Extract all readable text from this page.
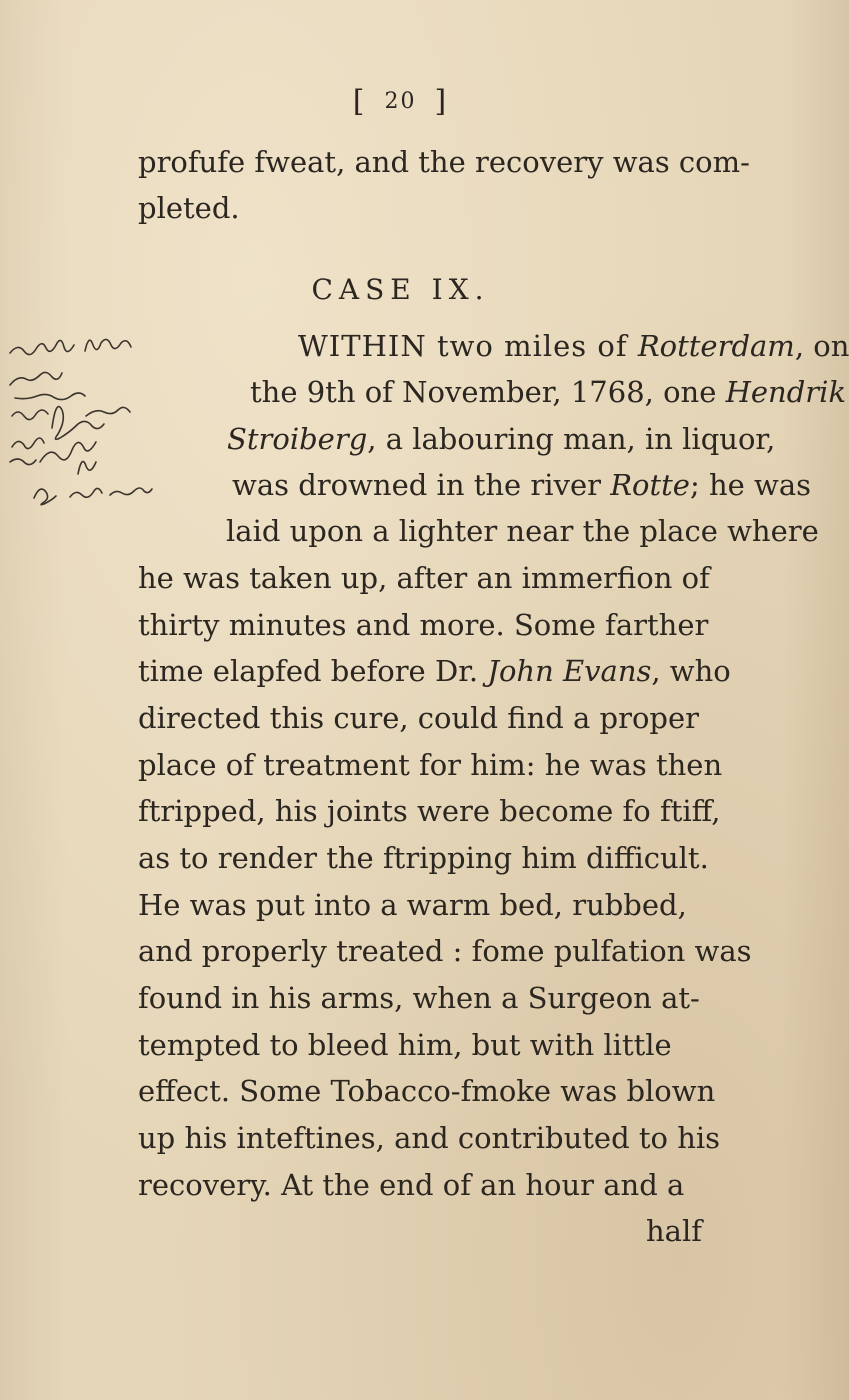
[ 20 ]
profufe fweat, and the recovery was com-
pleted.
CASE IX.
WITHIN two miles of Rotterdam, on
the 9th of November, 1768, one Hendrik
Stroiberg, a labouring man, in liquor,
was drowned in the river Rotte; he was
laid upon a lighter near the place where
he was taken up, after an immerfion of
thirty minutes and more. Some farther
time elapfed before Dr. John Evans, who
directed this cure, could find a proper
place of treatment for him: he was then
ftripped, his joints were become fo ftiff,
as to render the ftripping him difficult.
He was put into a warm bed, rubbed,
and properly treated : fome pulfation was
found in his arms, when a Surgeon at-
tempted to bleed him, but with little
effect. Some Tobacco-fmoke was blown
up his inteftines, and contributed to his
recovery. At the end of an hour and a
half
